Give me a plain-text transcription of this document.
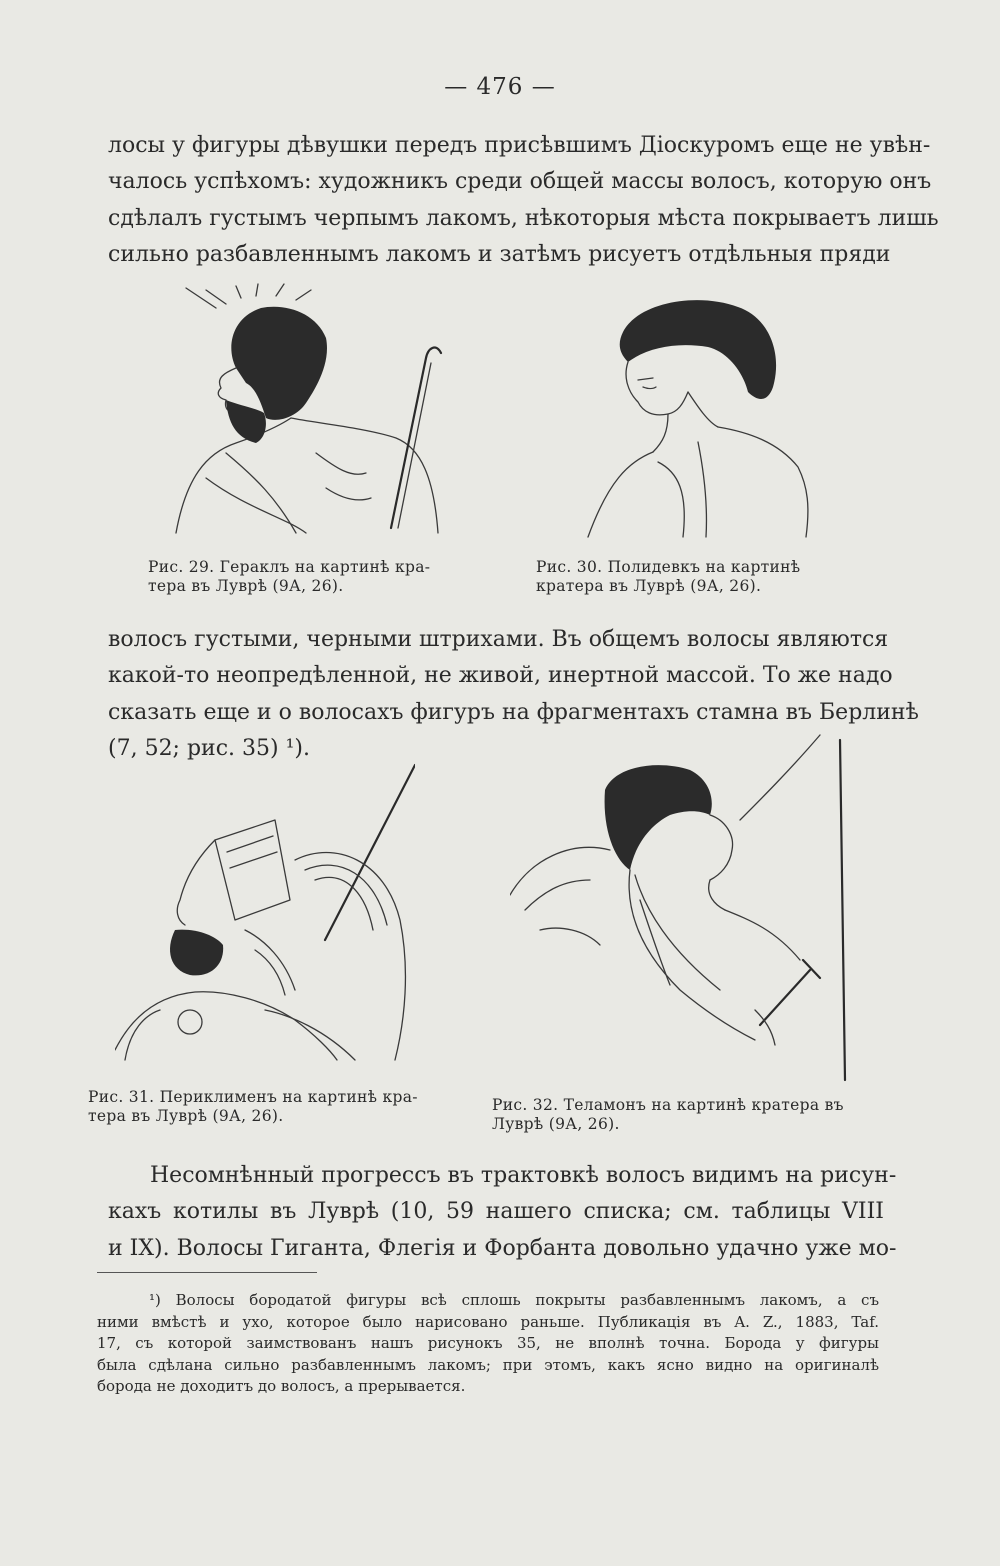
— 476 —
лосы у фигуры дѣвушки передъ присѣвшимъ Діоскуромъ еще не увѣн-
чалось успѣхомъ: художникъ среди общей массы волосъ, которую онъ
сдѣлалъ густымъ черпымъ лакомъ, нѣкоторыя мѣста покрываетъ лишь
сильно разбавленнымъ лакомъ и затѣмъ рисуетъ отдѣльныя пряди
Рис. 29. Гераклъ на картинѣ кра-
тера въ Луврѣ (9А, 26).
Рис. 30. Полидевкъ на картинѣ
кратера въ Луврѣ (9А, 26).
волосъ густыми, черными штрихами. Въ общемъ волосы являются
какой-то неопредѣленной, не живой, инертной массой. То же надо
сказать еще и о волосахъ фигуръ на фрагментахъ стамна въ Берлинѣ
(7, 52; рис. 35) ¹).
Рис. 31. Периклименъ на картинѣ кра-
тера въ Луврѣ (9А, 26).
Рис. 32. Теламонъ на картинѣ кратера въ
Луврѣ (9А, 26).
Несомнѣнный прогрессъ въ трактовкѣ волосъ видимъ на рисун-
кахъ котилы въ Луврѣ (10, 59 нашего списка; см. таблицы VIII
и IX). Волосы Гиганта, Флегія и Форбанта довольно удачно уже мо-
¹) Волосы бородатой фигуры всѣ сплошь покрыты разбавленнымъ лакомъ, а съ
ними вмѣстѣ и ухо, которое было нарисовано раньше. Публикація въ A. Z., 1883, Taf.
17, съ которой заимствованъ нашъ рисунокъ 35, не вполнѣ точна. Борода у фигуры
была сдѣлана сильно разбавленнымъ лакомъ; при этомъ, какъ ясно видно на оригиналѣ
борода не доходитъ до волосъ, а прерывается.
